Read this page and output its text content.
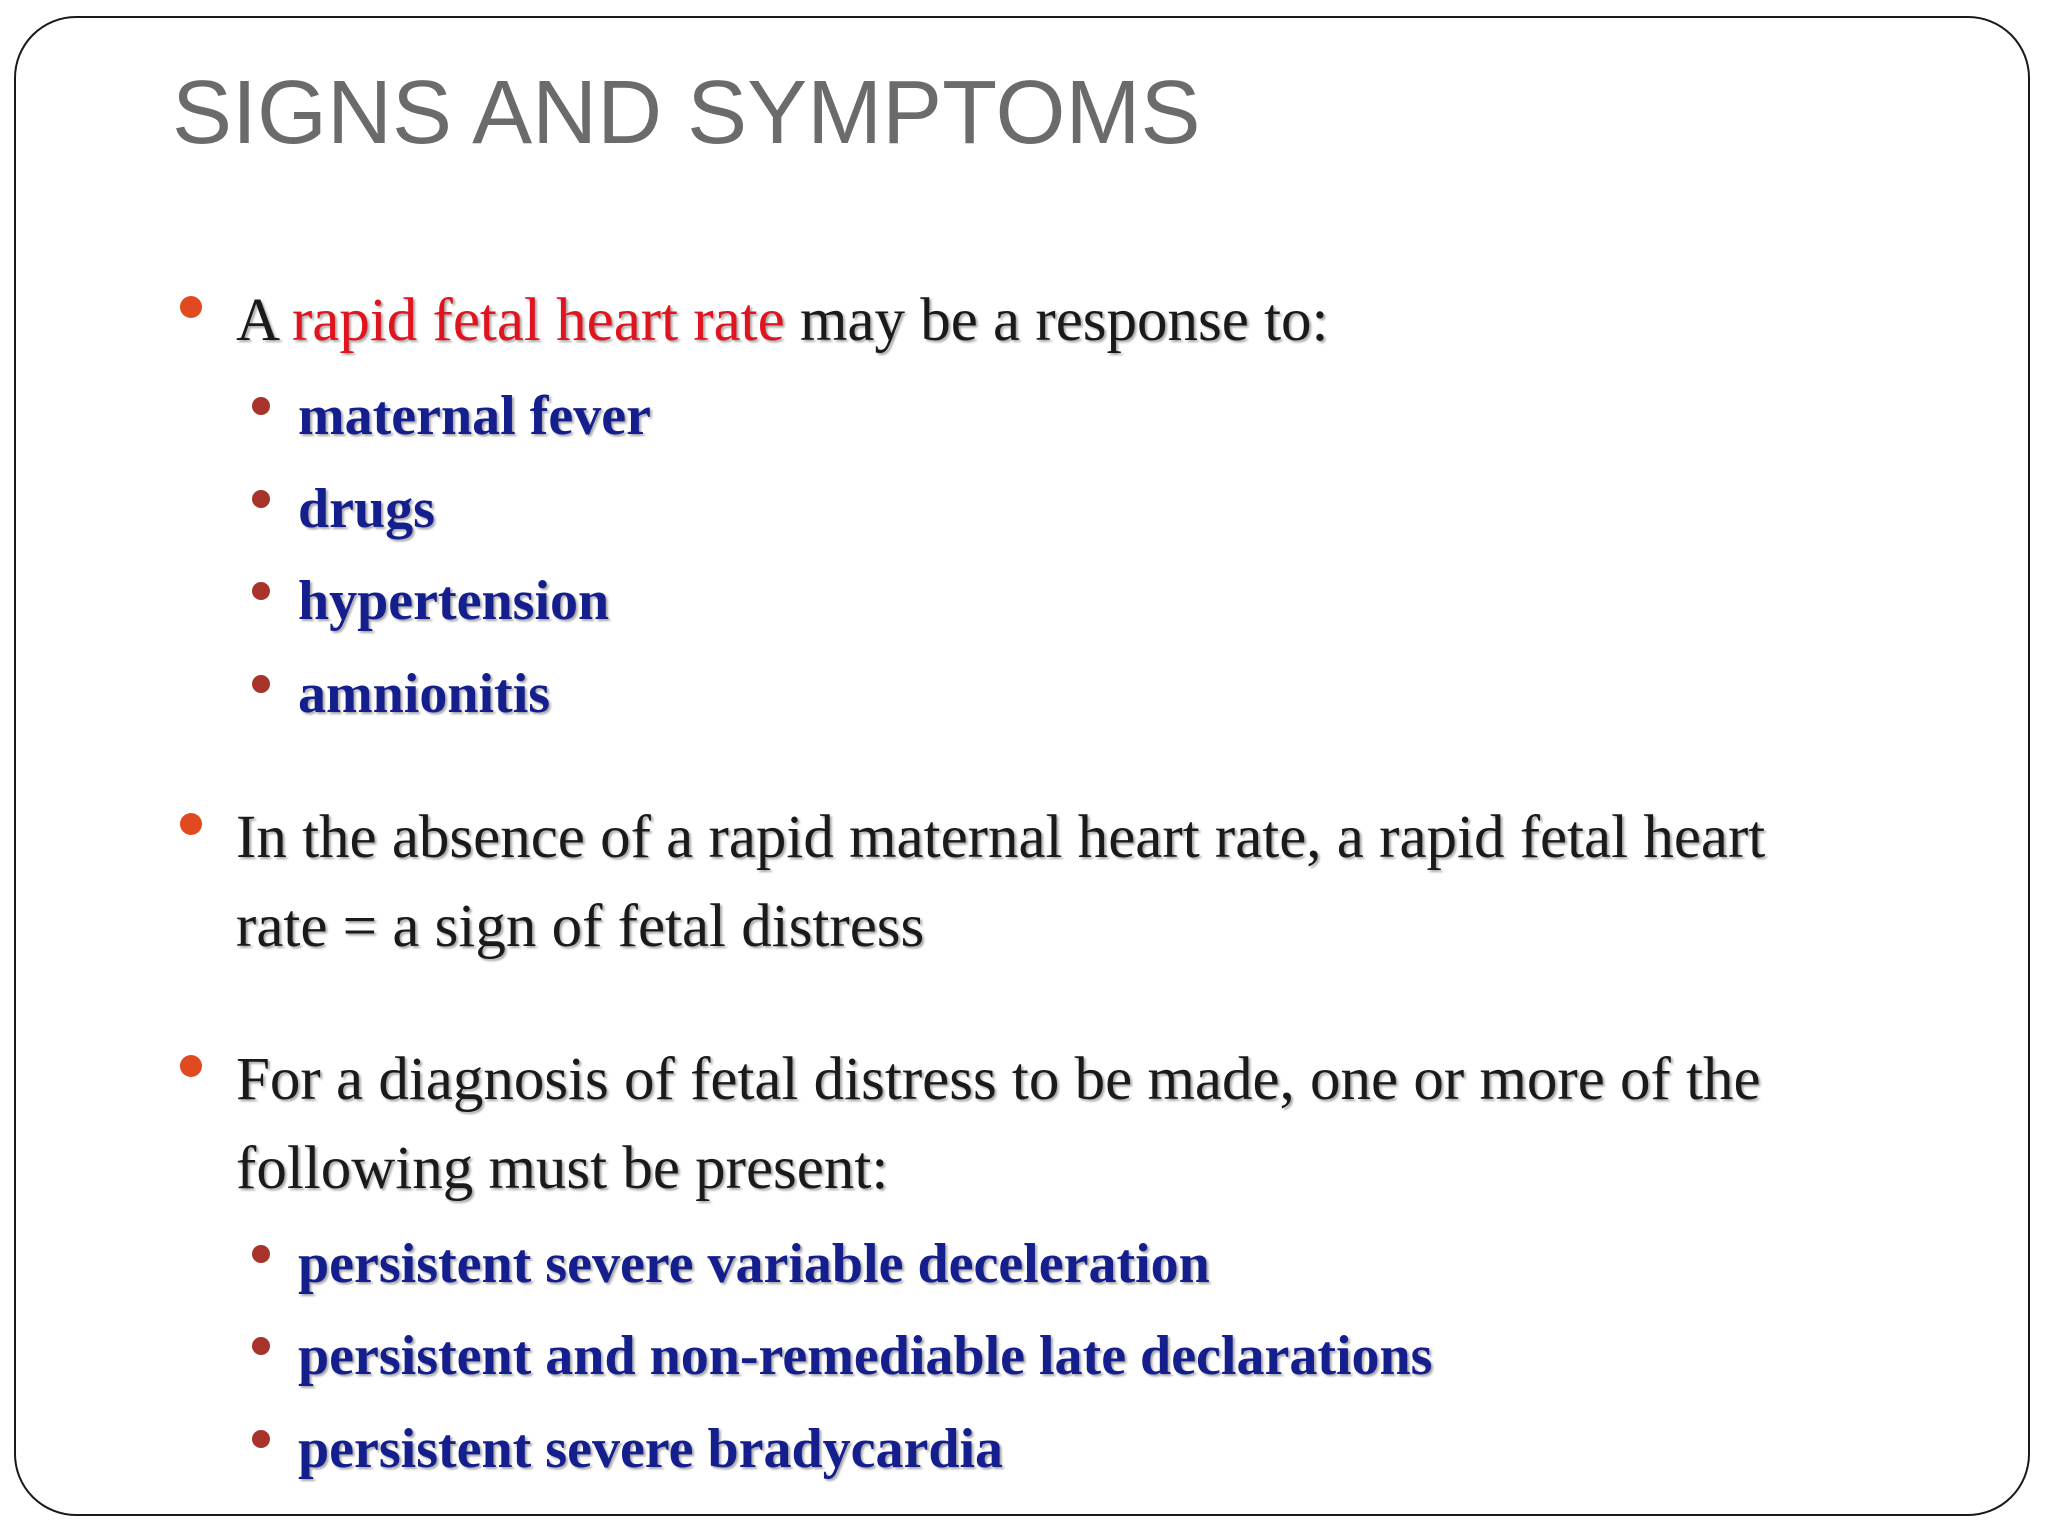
SIGNS AND SYMPTOMS
A rapid fetal heart rate may be a response to:
maternal fever
drugs
hypertension
amnionitis
In the absence of a rapid maternal heart rate, a rapid fetal heart
rate = a sign of fetal distress
For a diagnosis of fetal distress to be made, one or more of the
following must be present:
persistent severe variable deceleration
persistent and non-remediable late declarations
persistent severe bradycardia
